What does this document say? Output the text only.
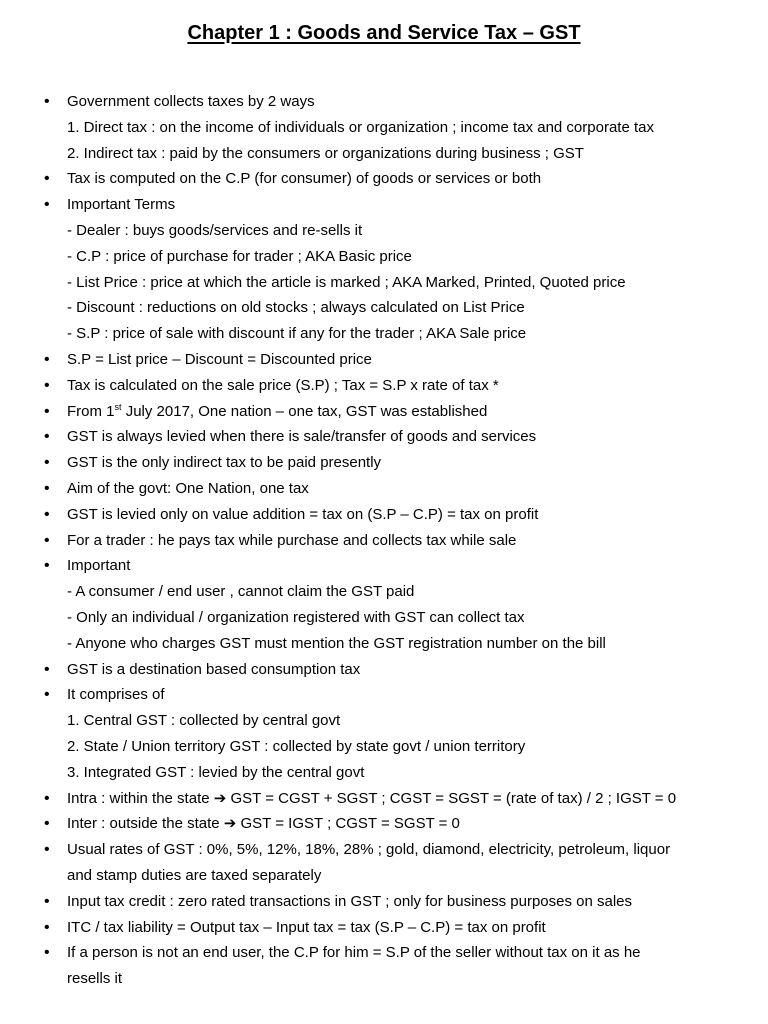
Chapter 1 : Goods and Service Tax – GST
• Government collects taxes by 2 ways
1. Direct tax : on the income of individuals or organization ; income tax and corporate tax
2. Indirect tax : paid by the consumers or organizations during business ; GST
• Tax is computed on the C.P (for consumer) of goods or services or both
• Important Terms
- Dealer : buys goods/services and re-sells it
- C.P : price of purchase for trader ; AKA Basic price
- List Price : price at which the article is marked ; AKA Marked, Printed, Quoted price
- Discount : reductions on old stocks ; always calculated on List Price
- S.P : price of sale with discount if any for the trader ; AKA Sale price
• S.P = List price – Discount = Discounted price
• Tax is calculated on the sale price (S.P) ; Tax = S.P x rate of tax *
• From 1st July 2017, One nation – one tax, GST was established
• GST is always levied when there is sale/transfer of goods and services
• GST is the only indirect tax to be paid presently
• Aim of the govt: One Nation, one tax
• GST is levied only on value addition = tax on (S.P – C.P) = tax on profit
• For a trader : he pays tax while purchase and collects tax while sale
• Important
- A consumer / end user , cannot claim the GST paid
- Only an individual / organization registered with GST can collect tax
- Anyone who charges GST must mention the GST registration number on the bill
• GST is a destination based consumption tax
• It comprises of
1. Central GST : collected by central govt
2. State / Union territory GST : collected by state govt / union territory
3. Integrated GST : levied by the central govt
• Intra : within the state ➔ GST = CGST + SGST ; CGST = SGST = (rate of tax) / 2 ; IGST = 0
• Inter : outside the state ➔ GST = IGST ; CGST = SGST = 0
• Usual rates of GST : 0%, 5%, 12%, 18%, 28% ; gold, diamond, electricity, petroleum, liquor
and stamp duties are taxed separately
• Input tax credit : zero rated transactions in GST ; only for business purposes on sales
• ITC / tax liability = Output tax – Input tax = tax (S.P – C.P) = tax on profit
• If a person is not an end user, the C.P for him = S.P of the seller without tax on it as he
resells it
